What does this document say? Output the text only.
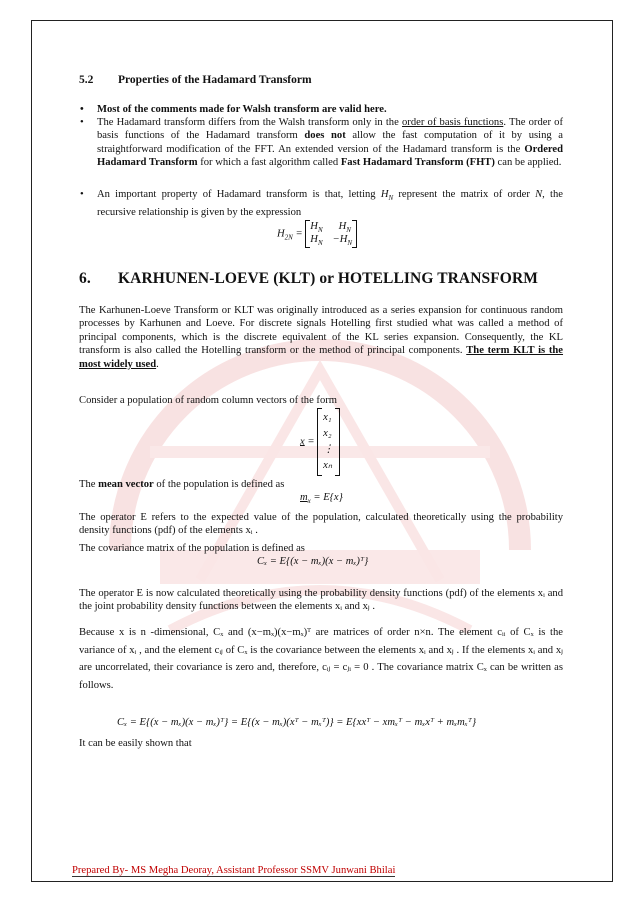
5.2 Properties of the Hadamard Transform
• Most of the comments made for Walsh transform are valid here.
• The Hadamard transform differs from the Walsh transform only in the order of basis functions. The order of basis functions of the Hadamard transform does not allow the fast computation of it by using a straightforward modification of the FFT. An extended version of the Hadamard transform is the Ordered Hadamard Transform for which a fast algorithm called Fast Hadamard Transform (FHT) can be applied.
• An important property of Hadamard transform is that, letting $H_N$ represent the matrix of order N, the recursive relationship is given by the expression
$H_{2N}$ =
$H_N$	$H_N$
$H_N$	$-H_N$
6. KARHUNEN-LOEVE (KLT) or HOTELLING TRANSFORM
The Karhunen-Loeve Transform or KLT was originally introduced as a series expansion for continuous random processes by Karhunen and Loeve. For discrete signals Hotelling first studied what was called a method of principal components, which is the discrete equivalent of the KL series expansion. Consequently, the KL transform is also called the Hotelling transform or the method of principal components. The term KLT is the most widely used.
Consider a population of random column vectors of the form
x =
x₁
x₂
⋮
xₙ
The mean vector of the population is defined as
$m_x = E\{x\}$
The operator E refers to the expected value of the population, calculated theoretically using the probability density functions (pdf) of the elements xᵢ .
The covariance matrix of the population is defined as
Cₓ = E{(x − mₓ)(x − mₓ)ᵀ}
The operator E is now calculated theoretically using the probability density functions (pdf) of the elements xᵢ and the joint probability density functions between the elements xᵢ and xⱼ .
Because x is n -dimensional, Cₓ and (x−mₓ)(x−mₓ)ᵀ are matrices of order n×n. The element cᵢᵢ of Cₓ is the variance of xᵢ , and the element cᵢⱼ of Cₓ is the covariance between the elements xᵢ and xⱼ . If the elements xᵢ and xⱼ are uncorrelated, their covariance is zero and, therefore, cᵢⱼ = cⱼᵢ = 0 . The covariance matrix Cₓ can be written as follows.
Cₓ = E{(x − mₓ)(x − mₓ)ᵀ} = E{(x − mₓ)(xᵀ − mₓᵀ)} = E{xxᵀ − xmₓᵀ − mₓxᵀ + mₓmₓᵀ}
It can be easily shown that
Prepared By- MS Megha Deoray, Assistant Professor SSMV Junwani Bhilai
